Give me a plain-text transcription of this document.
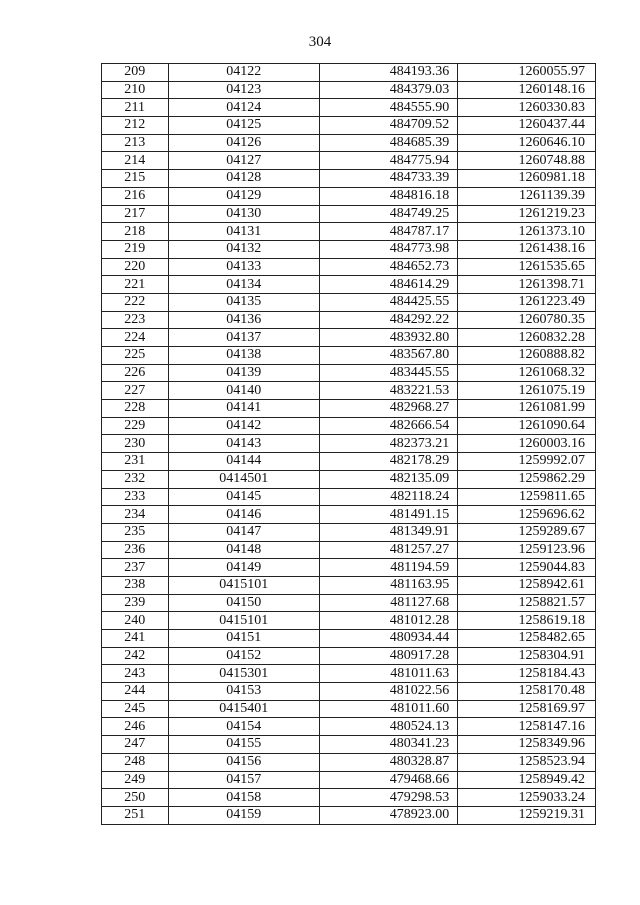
304
209	04122	484193.36	1260055.97
210	04123	484379.03	1260148.16
211	04124	484555.90	1260330.83
212	04125	484709.52	1260437.44
213	04126	484685.39	1260646.10
214	04127	484775.94	1260748.88
215	04128	484733.39	1260981.18
216	04129	484816.18	1261139.39
217	04130	484749.25	1261219.23
218	04131	484787.17	1261373.10
219	04132	484773.98	1261438.16
220	04133	484652.73	1261535.65
221	04134	484614.29	1261398.71
222	04135	484425.55	1261223.49
223	04136	484292.22	1260780.35
224	04137	483932.80	1260832.28
225	04138	483567.80	1260888.82
226	04139	483445.55	1261068.32
227	04140	483221.53	1261075.19
228	04141	482968.27	1261081.99
229	04142	482666.54	1261090.64
230	04143	482373.21	1260003.16
231	04144	482178.29	1259992.07
232	0414501	482135.09	1259862.29
233	04145	482118.24	1259811.65
234	04146	481491.15	1259696.62
235	04147	481349.91	1259289.67
236	04148	481257.27	1259123.96
237	04149	481194.59	1259044.83
238	0415101	481163.95	1258942.61
239	04150	481127.68	1258821.57
240	0415101	481012.28	1258619.18
241	04151	480934.44	1258482.65
242	04152	480917.28	1258304.91
243	0415301	481011.63	1258184.43
244	04153	481022.56	1258170.48
245	0415401	481011.60	1258169.97
246	04154	480524.13	1258147.16
247	04155	480341.23	1258349.96
248	04156	480328.87	1258523.94
249	04157	479468.66	1258949.42
250	04158	479298.53	1259033.24
251	04159	478923.00	1259219.31
